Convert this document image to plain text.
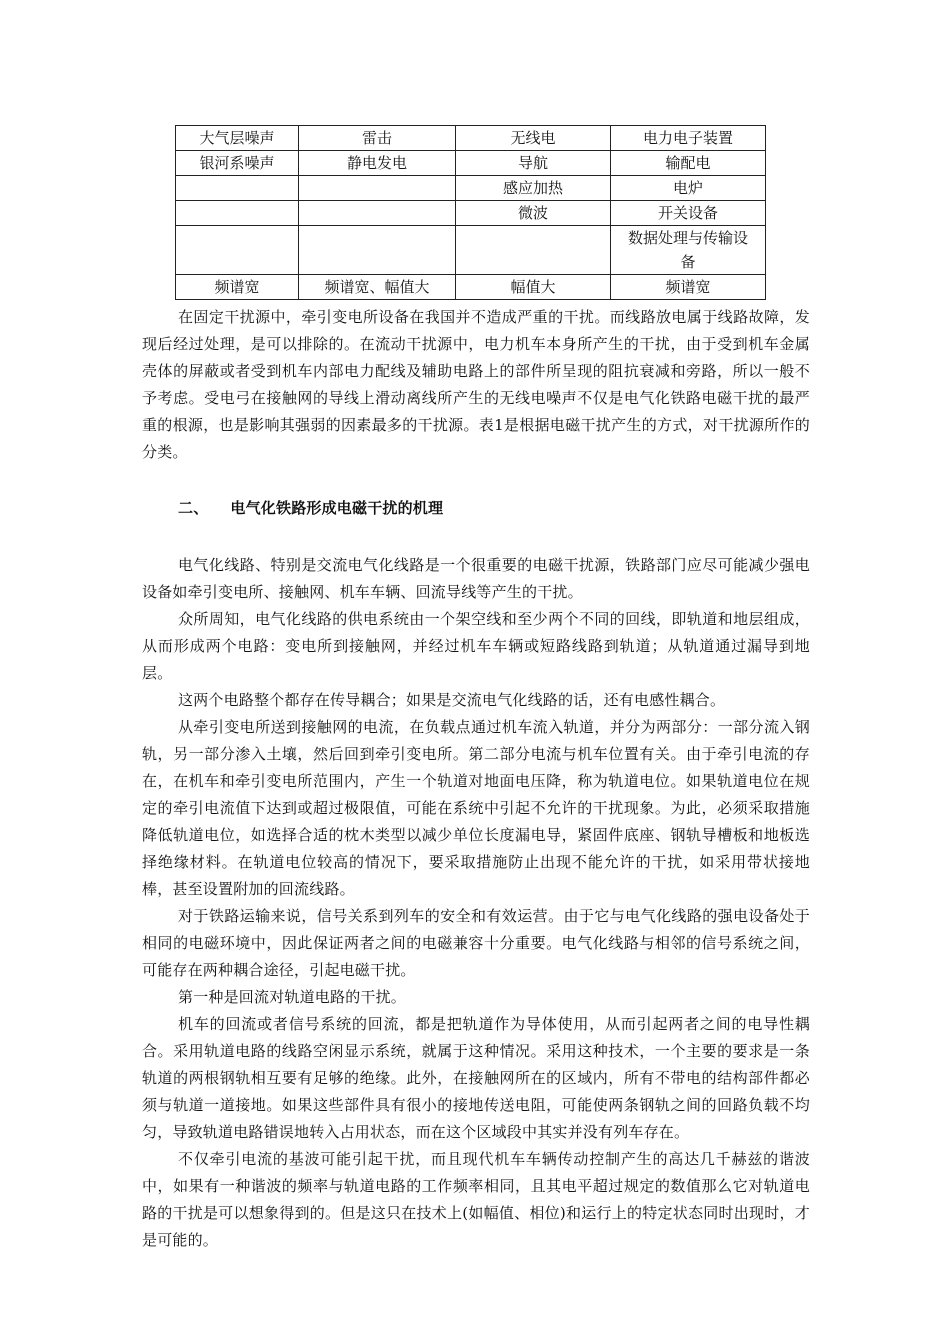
大气层噪声	雷击	无线电	电力电子装置
银河系噪声	静电发电	导航	输配电
		感应加热	电炉
		微波	开关设备
			数据处理与传输设备
频谱宽	频谱宽、幅值大	幅值大	频谱宽

在固定干扰源中，牵引变电所设备在我国并不造成严重的干扰。而线路放电属于线路故障，发现后经过处理，是可以排除的。在流动干扰源中，电力机车本身所产生的干扰，由于受到机车金属壳体的屏蔽或者受到机车内部电力配线及辅助电路上的部件所呈现的阻抗衰减和旁路，所以一般不予考虑。受电弓在接触网的导线上滑动离线所产生的无线电噪声不仅是电气化铁路电磁干扰的最严重的根源，也是影响其强弱的因素最多的干扰源。表1是根据电磁干扰产生的方式，对干扰源所作的分类。

二、 电气化铁路形成电磁干扰的机理

电气化线路、特别是交流电气化线路是一个很重要的电磁干扰源，铁路部门应尽可能减少强电设备如牵引变电所、接触网、机车车辆、回流导线等产生的干扰。

众所周知，电气化线路的供电系统由一个架空线和至少两个不同的回线，即轨道和地层组成，从而形成两个电路：变电所到接触网，并经过机车车辆或短路线路到轨道；从轨道通过漏导到地层。

这两个电路整个都存在传导耦合；如果是交流电气化线路的话，还有电感性耦合。

从牵引变电所送到接触网的电流，在负载点通过机车流入轨道，并分为两部分：一部分流入钢轨，另一部分渗入土壤，然后回到牵引变电所。第二部分电流与机车位置有关。由于牵引电流的存在，在机车和牵引变电所范围内，产生一个轨道对地面电压降，称为轨道电位。如果轨道电位在规定的牵引电流值下达到或超过极限值，可能在系统中引起不允许的干扰现象。为此，必须采取措施降低轨道电位，如选择合适的枕木类型以减少单位长度漏电导，紧固件底座、钢轨导槽板和地板选择绝缘材料。在轨道电位较高的情况下，要采取措施防止出现不能允许的干扰，如采用带状接地棒，甚至设置附加的回流线路。

对于铁路运输来说，信号关系到列车的安全和有效运营。由于它与电气化线路的强电设备处于相同的电磁环境中，因此保证两者之间的电磁兼容十分重要。电气化线路与相邻的信号系统之间，可能存在两种耦合途径，引起电磁干扰。

第一种是回流对轨道电路的干扰。

机车的回流或者信号系统的回流，都是把轨道作为导体使用，从而引起两者之间的电导性耦合。采用轨道电路的线路空闲显示系统，就属于这种情况。采用这种技术，一个主要的要求是一条轨道的两根钢轨相互要有足够的绝缘。此外，在接触网所在的区域内，所有不带电的结构部件都必须与轨道一道接地。如果这些部件具有很小的接地传送电阻，可能使两条钢轨之间的回路负载不均匀，导致轨道电路错误地转入占用状态，而在这个区域段中其实并没有列车存在。

不仅牵引电流的基波可能引起干扰，而且现代机车车辆传动控制产生的高达几千赫兹的谐波中，如果有一种谐波的频率与轨道电路的工作频率相同，且其电平超过规定的数值那么它对轨道电路的干扰是可以想象得到的。但是这只在技术上(如幅值、相位)和运行上的特定状态同时出现时，才是可能的。
